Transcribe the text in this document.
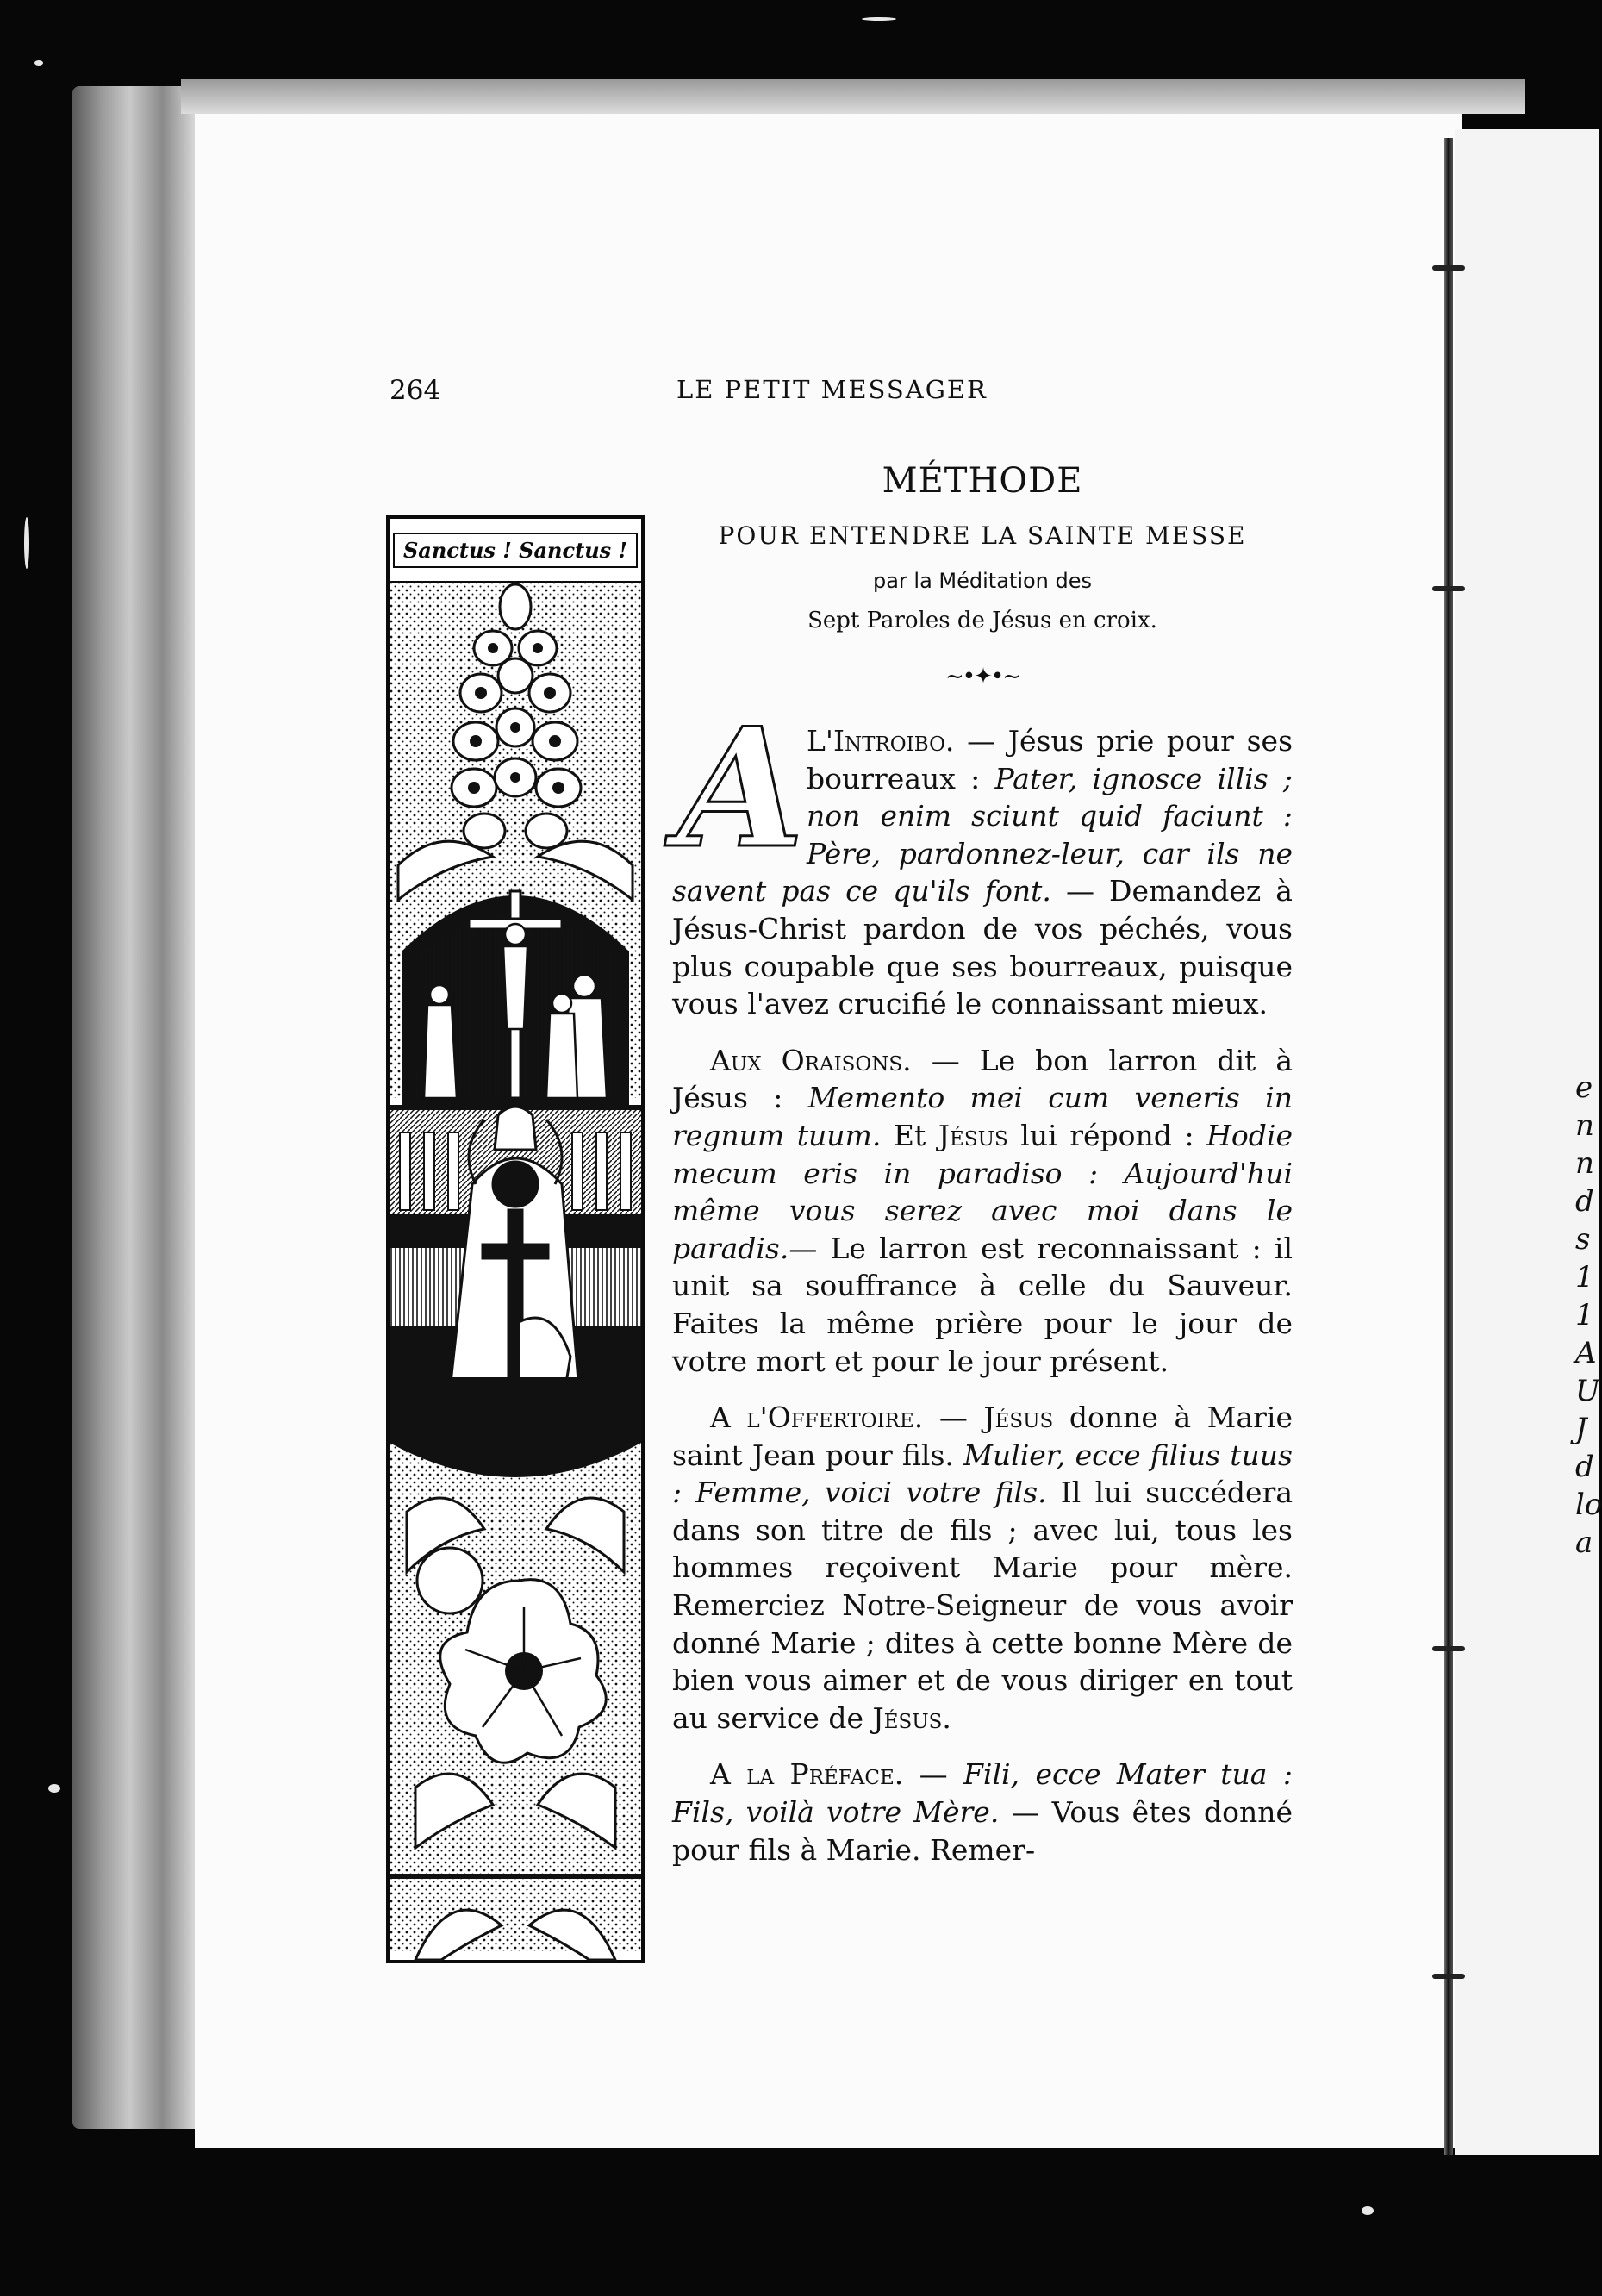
e
n
n
d
s
1
1
A
U
J
d
lo
a
264	LE PETIT MESSAGER
Sanctus ! Sanctus !
MÉTHODE
POUR ENTENDRE LA SAINTE MESSE
par la Méditation des
Sept Paroles de Jésus en croix.
~•✦•~

A L'Introibo. — Jésus prie pour ses bourreaux : Pater, ignosce illis ; non enim sciunt quid faciunt : Père, pardonnez-leur, car ils ne savent pas ce qu'ils font. — Demandez à Jésus-Christ pardon de vos péchés, vous plus coupable que ses bourreaux, puisque vous l'avez crucifié le connaissant mieux.

Aux Oraisons. — Le bon larron dit à Jésus : Memento mei cum veneris in regnum tuum. Et Jésus lui répond : Hodie mecum eris in paradiso : Aujourd'hui même vous serez avec moi dans le paradis.— Le larron est reconnaissant : il unit sa souffrance à celle du Sauveur. Faites la même prière pour le jour de votre mort et pour le jour présent.

A l'Offertoire. — Jésus donne à Marie saint Jean pour fils. Mulier, ecce filius tuus : Femme, voici votre fils. Il lui succédera dans son titre de fils ; avec lui, tous les hommes reçoivent Marie pour mère. Remerciez Notre-Seigneur de vous avoir donné Marie ; dites à cette bonne Mère de bien vous aimer et de vous diriger en tout au service de Jésus.

A la Préface. — Fili, ecce Mater tua : Fils, voilà votre Mère. — Vous êtes donné pour fils à Marie. Remer-
